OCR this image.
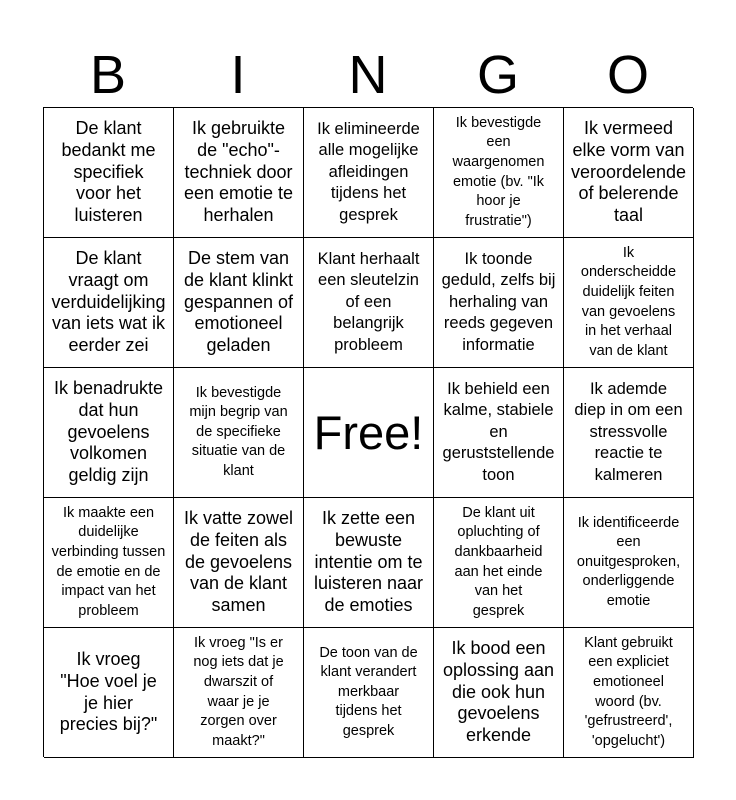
B	I	N	G	O
De klant
bedankt me
specifiek
voor het
luisteren
Ik gebruikte
de "echo"-
techniek door
een emotie te
herhalen
Ik elimineerde
alle mogelijke
afleidingen
tijdens het
gesprek
Ik bevestigde
een
waargenomen
emotie (bv. "Ik
hoor je
frustratie")
Ik vermeed
elke vorm van
veroordelende
of belerende
taal
De klant
vraagt om
verduidelijking
van iets wat ik
eerder zei
De stem van
de klant klinkt
gespannen of
emotioneel
geladen
Klant herhaalt
een sleutelzin
of een
belangrijk
probleem
Ik toonde
geduld, zelfs bij
herhaling van
reeds gegeven
informatie
Ik
onderscheidde
duidelijk feiten
van gevoelens
in het verhaal
van de klant
Ik benadrukte
dat hun
gevoelens
volkomen
geldig zijn
Ik bevestigde
mijn begrip van
de specifieke
situatie van de
klant
Free!
Ik behield een
kalme, stabiele
en
geruststellende
toon
Ik ademde
diep in om een
stressvolle
reactie te
kalmeren
Ik maakte een
duidelijke
verbinding tussen
de emotie en de
impact van het
probleem
Ik vatte zowel
de feiten als
de gevoelens
van de klant
samen
Ik zette een
bewuste
intentie om te
luisteren naar
de emoties
De klant uit
opluchting of
dankbaarheid
aan het einde
van het
gesprek
Ik identificeerde
een
onuitgesproken,
onderliggende
emotie
Ik vroeg
"Hoe voel je
je hier
precies bij?"
Ik vroeg "Is er
nog iets dat je
dwarszit of
waar je je
zorgen over
maakt?"
De toon van de
klant verandert
merkbaar
tijdens het
gesprek
Ik bood een
oplossing aan
die ook hun
gevoelens
erkende
Klant gebruikt
een expliciet
emotioneel
woord (bv.
'gefrustreerd',
'opgelucht')
